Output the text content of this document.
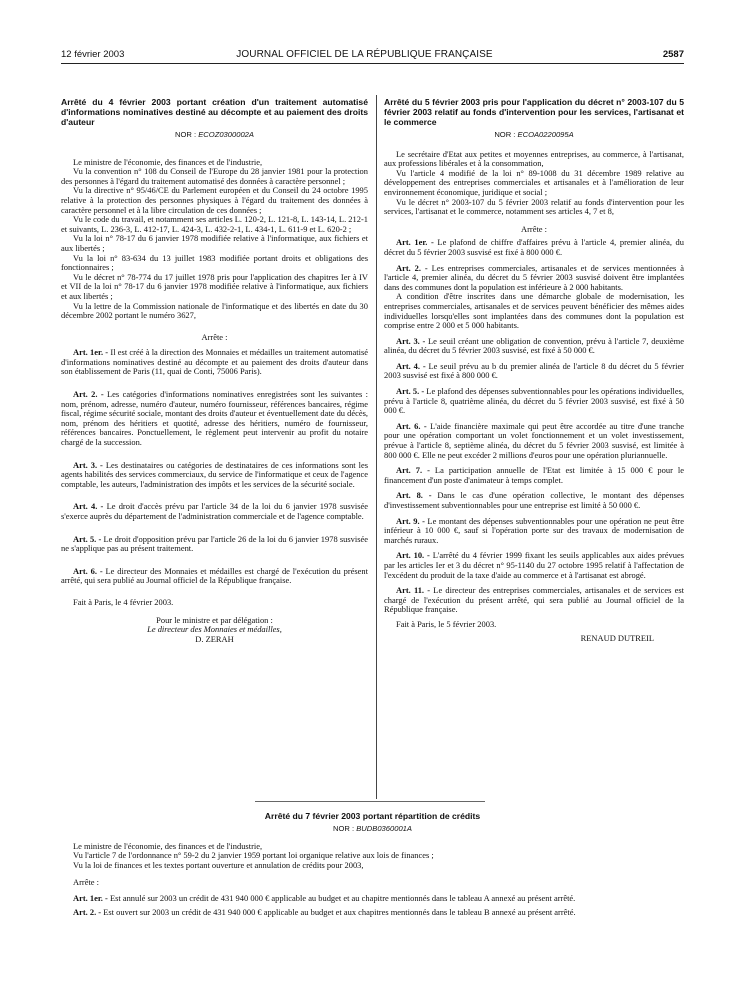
12 février 2003	JOURNAL OFFICIEL DE LA RÉPUBLIQUE FRANÇAISE	2587

Arrêté du 4 février 2003 portant création d'un traitement automatisé d'informations nominatives destiné au décompte et au paiement des droits d'auteur

NOR : ECOZ0300002A

Le ministre de l'économie, des finances et de l'industrie,

Vu la convention n° 108 du Conseil de l'Europe du 28 janvier 1981 pour la protection des personnes à l'égard du traitement automatisé des données à caractère personnel ;

Vu la directive n° 95/46/CE du Parlement européen et du Conseil du 24 octobre 1995 relative à la protection des personnes physiques à l'égard du traitement des données à caractère personnel et à la libre circulation de ces données ;

Vu le code du travail, et notamment ses articles L. 120-2, L. 121-8, L. 143-14, L. 212-1 et suivants, L. 236-3, L. 412-17, L. 424-3, L. 432-2-1, L. 434-1, L. 611-9 et L. 620-2 ;

Vu la loi n° 78-17 du 6 janvier 1978 modifiée relative à l'informatique, aux fichiers et aux libertés ;

Vu la loi n° 83-634 du 13 juillet 1983 modifiée portant droits et obligations des fonctionnaires ;

Vu le décret n° 78-774 du 17 juillet 1978 pris pour l'application des chapitres Ier à IV et VII de la loi n° 78-17 du 6 janvier 1978 modifiée relative à l'informatique, aux fichiers et aux libertés ;

Vu la lettre de la Commission nationale de l'informatique et des libertés en date du 30 décembre 2002 portant le numéro 3627,

Arrête :

Art. 1er. - Il est créé à la direction des Monnaies et médailles un traitement automatisé d'informations nominatives destiné au décompte et au paiement des droits d'auteur dans son établissement de Paris (11, quai de Conti, 75006 Paris).

Art. 2. - Les catégories d'informations nominatives enregistrées sont les suivantes : nom, prénom, adresse, numéro d'auteur, numéro fournisseur, références bancaires, régime fiscal, régime sécurité sociale, montant des droits d'auteur et éventuellement date du décès, nom, prénom des héritiers et quotité, adresse des héritiers, numéro de fournisseur, références bancaires. Ponctuellement, le règlement peut intervenir au profit du notaire chargé de la succession.

Art. 3. - Les destinataires ou catégories de destinataires de ces informations sont les agents habilités des services commerciaux, du service de l'informatique et ceux de l'agence comptable, les auteurs, l'administration des impôts et les services de la sécurité sociale.

Art. 4. - Le droit d'accès prévu par l'article 34 de la loi du 6 janvier 1978 susvisée s'exerce auprès du département de l'administration commerciale et de l'agence comptable.

Art. 5. - Le droit d'opposition prévu par l'article 26 de la loi du 6 janvier 1978 susvisée ne s'applique pas au présent traitement.

Art. 6. - Le directeur des Monnaies et médailles est chargé de l'exécution du présent arrêté, qui sera publié au Journal officiel de la République française.

Fait à Paris, le 4 février 2003.

Pour le ministre et par délégation :

Le directeur des Monnaies et médailles,

D. ZERAH

Arrêté du 5 février 2003 pris pour l'application du décret n° 2003-107 du 5 février 2003 relatif au fonds d'intervention pour les services, l'artisanat et le commerce

NOR : ECOA0220095A

Le secrétaire d'Etat aux petites et moyennes entreprises, au commerce, à l'artisanat, aux professions libérales et à la consommation,

Vu l'article 4 modifié de la loi n° 89-1008 du 31 décembre 1989 relative au développement des entreprises commerciales et artisanales et à l'amélioration de leur environnement économique, juridique et social ;

Vu le décret n° 2003-107 du 5 février 2003 relatif au fonds d'intervention pour les services, l'artisanat et le commerce, notamment ses articles 4, 7 et 8,

Arrête :

Art. 1er. - Le plafond de chiffre d'affaires prévu à l'article 4, premier alinéa, du décret du 5 février 2003 susvisé est fixé à 800 000 €.

Art. 2. - Les entreprises commerciales, artisanales et de services mentionnées à l'article 4, premier alinéa, du décret du 5 février 2003 susvisé doivent être implantées dans des communes dont la population est inférieure à 2 000 habitants.

A condition d'être inscrites dans une démarche globale de modernisation, les entreprises commerciales, artisanales et de services peuvent bénéficier des mêmes aides individuelles lorsqu'elles sont implantées dans des communes dont la population est comprise entre 2 000 et 5 000 habitants.

Art. 3. - Le seuil créant une obligation de convention, prévu à l'article 7, deuxième alinéa, du décret du 5 février 2003 susvisé, est fixé à 50 000 €.

Art. 4. - Le seuil prévu au b du premier alinéa de l'article 8 du décret du 5 février 2003 susvisé est fixé à 800 000 €.

Art. 5. - Le plafond des dépenses subventionnables pour les opérations individuelles, prévu à l'article 8, quatrième alinéa, du décret du 5 février 2003 susvisé, est fixé à 50 000 €.

Art. 6. - L'aide financière maximale qui peut être accordée au titre d'une tranche pour une opération comportant un volet fonctionnement et un volet investissement, prévue à l'article 8, septième alinéa, du décret du 5 février 2003 susvisé, est limitée à 800 000 €. Elle ne peut excéder 2 millions d'euros pour une opération pluriannuelle.

Art. 7. - La participation annuelle de l'Etat est limitée à 15 000 € pour le financement d'un poste d'animateur à temps complet.

Art. 8. - Dans le cas d'une opération collective, le montant des dépenses d'investissement subventionnables pour une entreprise est limité à 50 000 €.

Art. 9. - Le montant des dépenses subventionnables pour une opération ne peut être inférieur à 10 000 €, sauf si l'opération porte sur des travaux de modernisation de marchés ruraux.

Art. 10. - L'arrêté du 4 février 1999 fixant les seuils applicables aux aides prévues par les articles Ier et 3 du décret n° 95-1140 du 27 octobre 1995 relatif à l'affectation de l'excédent du produit de la taxe d'aide au commerce et à l'artisanat est abrogé.

Art. 11. - Le directeur des entreprises commerciales, artisanales et de services est chargé de l'exécution du présent arrêté, qui sera publié au Journal officiel de la République française.

Fait à Paris, le 5 février 2003.

RENAUD DUTREIL

Arrêté du 7 février 2003 portant répartition de crédits

NOR : BUDB0360001A

Le ministre de l'économie, des finances et de l'industrie,

Vu l'article 7 de l'ordonnance n° 59-2 du 2 janvier 1959 portant loi organique relative aux lois de finances ;

Vu la loi de finances et les textes portant ouverture et annulation de crédits pour 2003,

Arrête :

Art. 1er. - Est annulé sur 2003 un crédit de 431 940 000 € applicable au budget et au chapitre mentionnés dans le tableau A annexé au présent arrêté.

Art. 2. - Est ouvert sur 2003 un crédit de 431 940 000 € applicable au budget et aux chapitres mentionnés dans le tableau B annexé au présent arrêté.
